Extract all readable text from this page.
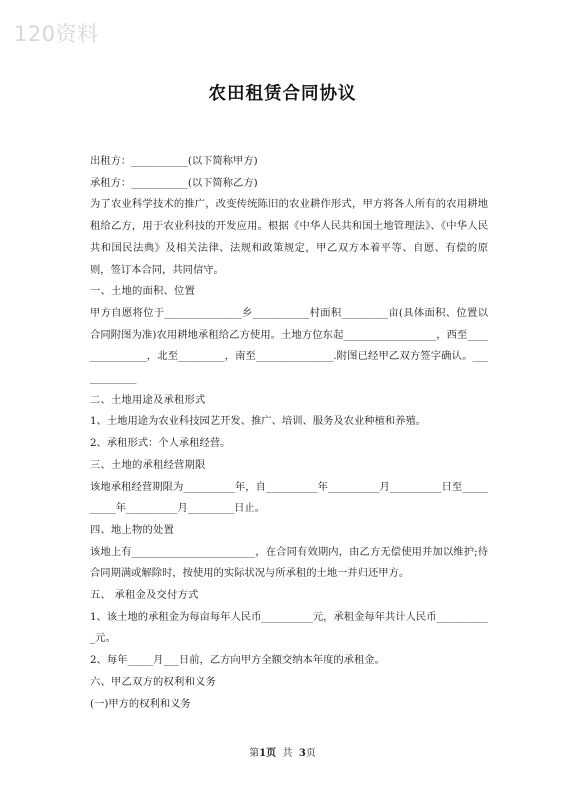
120资料
农田租赁合同协议

出租方：___________(以下简称甲方)

承租方：___________(以下简称乙方)

为了农业科学技术的推广，改变传统陈旧的农业耕作形式，甲方将各人所有的农用耕地租给乙方，用于农业科技的开发应用。根据《中华人民共和国土地管理法》、《中华人民共和国民法典》及相关法律、法规和政策规定，甲乙双方本着平等、自愿、有偿的原则，签订本合同，共同信守。

一、土地的面积、位置

甲方自愿将位于_______________乡___________村面积_________亩(具体面积、位置以合同附图为准)农用耕地承租给乙方使用。土地方位东起__________________，西至_______________，北至_________，南至_______________.附图已经甲乙双方签字确认。____________

二、土地用途及承租形式

1、土地用途为农业科技园艺开发、推广、培训、服务及农业种植和养殖。

2、承租形式：个人承租经营。

三、土地的承租经营期限

该地承租经营期限为__________年，自__________年__________月__________日至__________年__________月_________日止。

四、地上物的处置

该地上有________________________，在合同有效期内，由乙方无偿使用并加以维护;待合同期满或解除时，按使用的实际状况与所承租的土地一并归还甲方。

五、 承租金及交付方式

1、该土地的承租金为每亩每年人民币__________元，承租金每年共计人民币___________元。

2、每年_____月___日前，乙方向甲方全额交纳本年度的承租金。

六、甲乙双方的权利和义务

(一)甲方的权利和义务

第1页  共  3页
